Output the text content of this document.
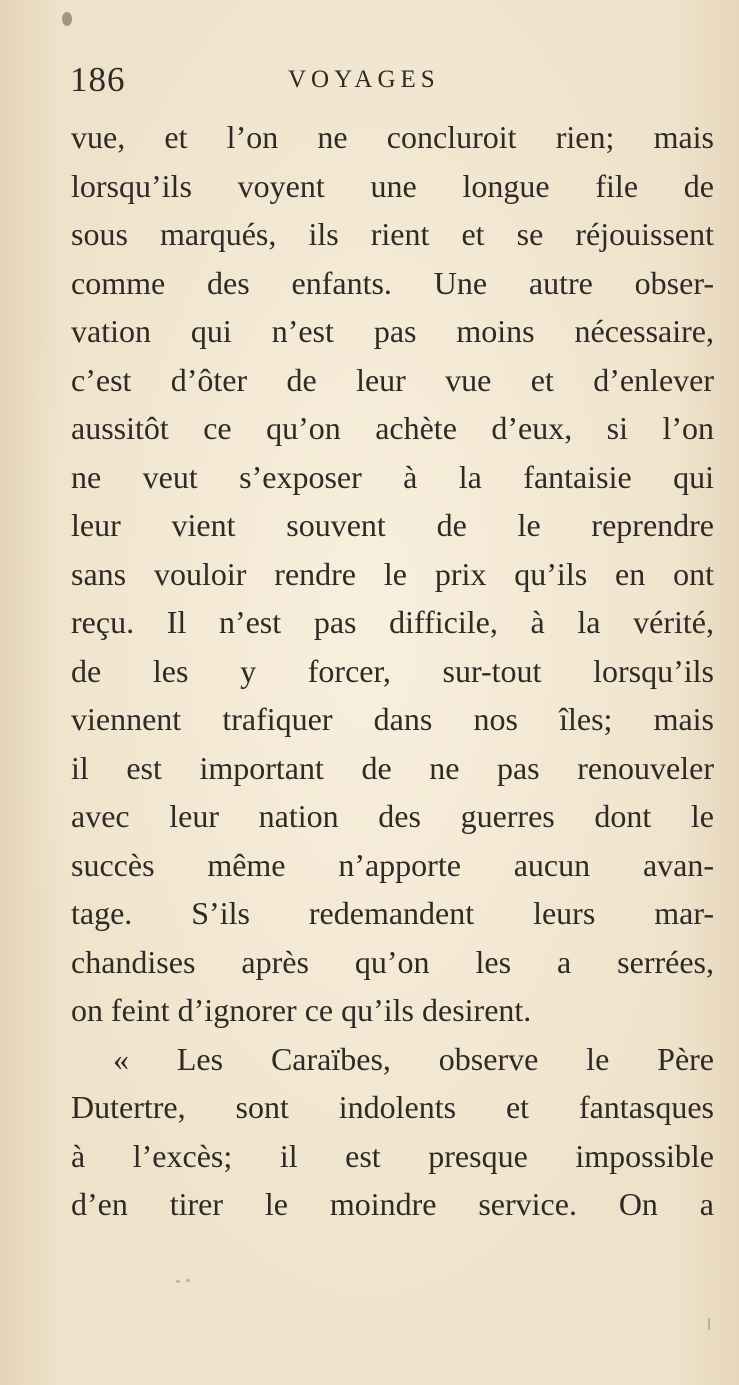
186	VOYAGES
vue, et l’on ne concluroit rien; mais
lorsqu’ils voyent une longue file de
sous marqués, ils rient et se réjouissent
comme des enfants. Une autre obser-
vation qui n’est pas moins nécessaire,
c’est d’ôter de leur vue et d’enlever
aussitôt ce qu’on achète d’eux, si l’on
ne veut s’exposer à la fantaisie qui
leur vient souvent de le reprendre
sans vouloir rendre le prix qu’ils en ont
reçu. Il n’est pas difficile, à la vérité,
de les y forcer, sur-tout lorsqu’ils
viennent trafiquer dans nos îles; mais
il est important de ne pas renouveler
avec leur nation des guerres dont le
succès même n’apporte aucun avan-
tage. S’ils redemandent leurs mar-
chandises après qu’on les a serrées,
on feint d’ignorer ce qu’ils desirent.
« Les Caraïbes, observe le Père
Dutertre, sont indolents et fantasques
à l’excès; il est presque impossible
d’en tirer le moindre service. On a
